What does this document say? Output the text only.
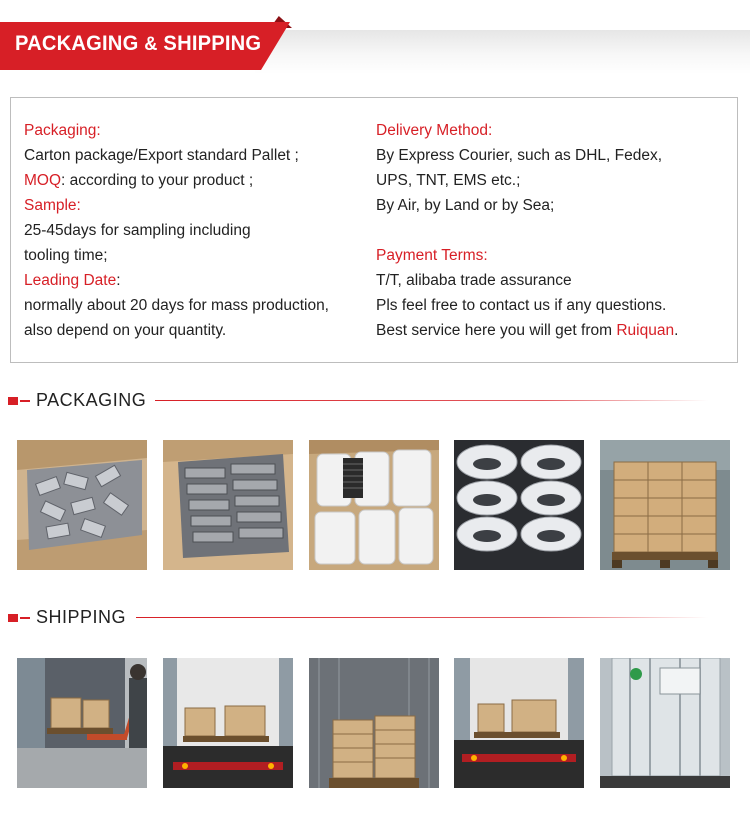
PACKAGING & SHIPPING
Packaging:
Carton package/Export standard Pallet ;
MOQ: according to your product ;
Sample:
25-45days for sampling including
tooling time;
Leading Date:
normally about 20 days for mass production,
also depend on your quantity.
Delivery Method:
By Express Courier, such as DHL, Fedex,
UPS, TNT, EMS etc.;
By Air, by Land or by Sea;
Payment Terms:
T/T, alibaba trade assurance
Pls feel free to contact us if any questions.
Best service here you will get from Ruiquan.
PACKAGING
SHIPPING
